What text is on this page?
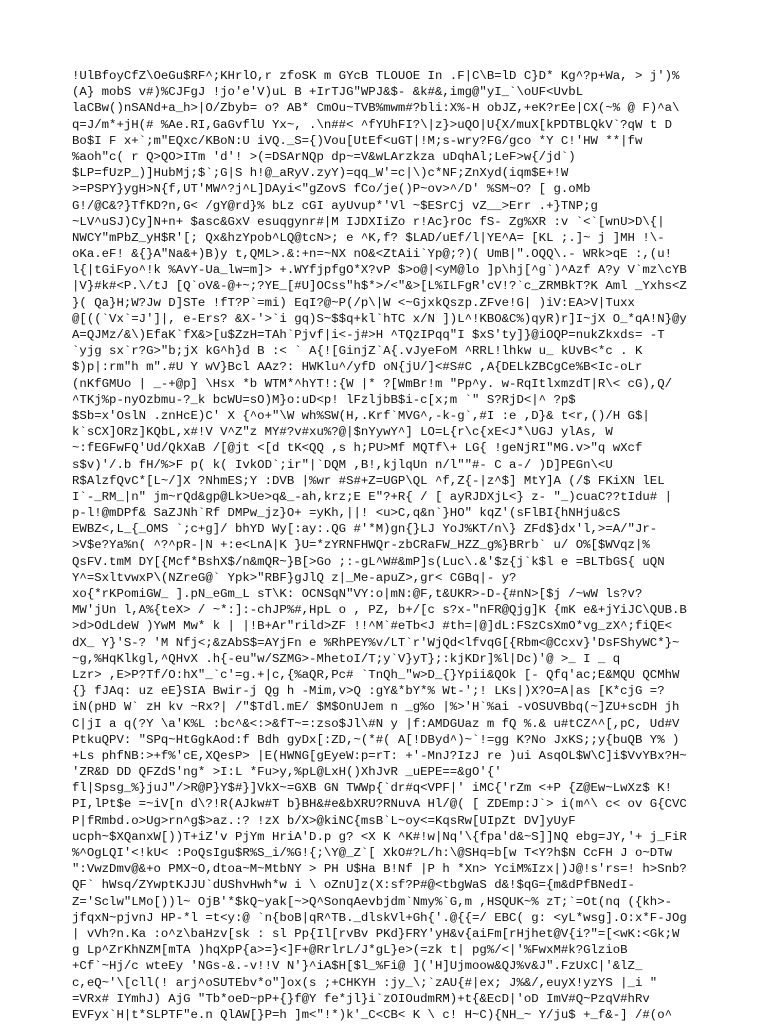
!UlBfoyCfZ\OeGu$RF^;KHrlO,r zfoSK m GYcB TLOUOE In .F|C\B=lD C}D* Kg^?p+Wa, > j')%
(A} mobS v#)%CJFgJ !jo'e'V)uL B +IrTJG"WPJ&$- &k#&,img@"yI_`\oUF<UvbL
laCBw()nSANd+a_h>|O/Zbyb= o? AB* CmOu~TVB%mwm#?bli:X%-H obJZ,+eK?rEe|CX(~% @ F)^a\
q=J/m*+jH(# %Ae.RI,GaGvflU Yx~, .\n##< ^fYUhFI?\|z}>uQO|U{X/muX[kPDTBLQkV`?qW t D
Bo$I F x+`;m"EQxc/KBoN:U iVQ._S={)Vou[UtEf<uGT|!M;s-wry?FG/gco *Y C!'HW **|fw
%aoh"c( r Q>QO>ITm 'd'! >(=DSArNQp dp~=V&wLArzkza uDqhAl;LeF>w{/jd`)
$LP=fUzP_)]HubMj;$`;G|S h!@_aRyV.zyY)=qq_W'=c|\)c*NF;ZnXyd(iqm$E+!W
>=PSPY}ygH>N{f,UT'MW^?j^L]DAyi<"gZovS fCo/je()P~ov>^/D' %SM~O? [ g.oMb
G!/@C&?}TfKD?n,G< /gY@rd}% bLz cGI ayUvup*'Vl ~$ESrCj vZ__>Err .+}TNP;g
~LV^uSJ)Cy]N+n+ $asc&GxV esuqgynr#|M IJDXIiZo r!Ac}rOc fS- Zg%XR :v `<`[wnU>D\{|
NWCY"mPbZ_yH$R'[; Qx&hzYpob^LQ@tcN>; e ^K,f? $LAD/uEf/l|YE^A= [KL ;.]~ j ]MH !\-
oKa.eF! &{}A"Na&+)B)y t,QML>.&:+n=~NX nO&<ZtAii`Yp@;?)( UmB|".OQQ\.- WRk>qE :,(u!
l{|tGiFyo^!k %AvY-Ua_lw=m]> +.WYfjpfgO*X?vP $>o@|<yM@lo ]p\hj[^g`)^Azf A?y V`mz\cYB
|V}#k#<P.\/tJ [Q`oV&-@+~;?YE_[#U]OCss"h$*>/<"&>[L%ILFgR'cV!?`c_ZRMBkT?K Aml _Yxhs<Z
}( Qa}H;W?Jw D]STe !fT?P`=mi) EqI?@~P(/p\|W <~GjxkQszp.ZFve!G| )iV:EA>V|Tuxx
@[((`Vx`=J']|, e-Ers? &X-'>`i gq)S~$$q+kl`hTC x/N ])L^!KBO&C%)qyR)r]I~jX O_*qA!N}@y
A=QJMz/&\)EfaK`fX&>[u$ZzH=TAh`Pjvf|i<-j#>H ^TQzIPqq"I $xS'ty]}@iOQP=nukZkxds= -T
`yjg sx`r?G>"b;jX kG^h}d B :< ` A{![GinjZ`A{.vJyeFoM ^RRL!lhkw u_ kUvB<*c . K
$)p|:rm"h m".#U Y wV}Bcl AAz?: HWKlu^/yfD oN{jU/]<#S#C ,A{DELkZBCgCe%B<Ic-oLr
(nKfGMUo | _-+@p] \Hsx *b WTM*^hYT!:{W |* ?[WmBr!m "Pp^y. w-RqItlxmzdT|R\< cG),Q/
^TKj%p-nyOzbmu-?_k bcWU=sO)M}o:uD<p! lFzljbB$i-c[x;m `" S?RjD<|^ ?p$
$Sb=x'OslN .znHcE)C' X {^o+"\W wh%SW(H,.Krf`MVG^,-k-g`,#I :e ,D}& t<r,()/H G$|
k`sCX]ORz]KQbL,x#!V V^Z"z MY#?v#xu%?@|$nYywY^] LO=L{r\c{xE<J*\UGJ ylAs, W
~:fEGFwFQ'Ud/QkXaB /[@jt <[d tK<QQ ,s h;PU>Mf MQTf\+ LG{ !geNjRI"MG.v>"q wXcf
s$v)'/.b fH/%>F p( k( IvkOD`;ir"|`DQM ,B!,kjlqUn n/l""#- C a-/ )D]PEGn\<U
R$AlzfQvC*[L~/]X ?NhmES;Y :DVB |%wr #S#+Z=UGP\QL ^f,Z{-|z^$] MtY]A (/$ FKiXN lEL
I`-_RM_|n" jm~rQd&gp@Lk>Ue>q&_-ah,krz;E E"?+R{ / [ ayRJDXjL<} z- "_)cuaC??tIdu# |
p-l!@mDPf& SaZJNh`Rf DMPw_jz}O+ =yKh,||! <u>C,q&n`}HO" kqZ'(sFlBI{hNHju&cS
EWBZ<,L_{_OMS `;c+g]/ bhYD Wy[:ay:.QG #'*M)gn{}LJ YoJ%KT/n\} ZFd$}dx'l,>=A/"Jr-
>V$e?Ya%n( ^?^pR-|N +:e<LnA|K }U=*zYRNFHWQr-zbCRaFW_HZZ_g%}BRrb` u/ O%[$WVqz|%
QsFV.tmM DY[{Mcf*BshX$/n&mQR~}B[>Go ;:-gL^W#&mP]s(Luc\.&'$z{j`k$l e =BLTbGS{ uQN
Y^=SxltvwxP\(NZreG@` Ypk>"RBF}gJlQ z|_Me-apuZ>,gr< CGBq|- y?
xo{*rKPomiGW_ ].pN_eGm_L sT\K: OCNSqN"VY:o|mN:@F,t&UKR>-D-{#nN>[$j /~wW ls?v?
MW'jUn l,A%{teX> / ~*:]:-chJP%#,HpL o , PZ, b+/[c s?x-"nFR@Qjg]K {mK e&+jYiJC\QUB.B
>d>OdLdeW )YwM Mw* k | |!B+Ar"rild>ZF !!^M`#eTb<J #th=|@]dL:FSzCsXmO*vg_zX^;fiQE<
dX_ Y}'S-? 'M Nfj<;&zAbS$=AYjFn e %RhPEY%v/LT`r'WjQd<lfvqG[{Rbm<@Ccxv}'DsFShyWC*}~
~g,%HqKlkgl,^QHvX .h{-eu"w/SZMG>-MhetoI/T;y`V}yT};:kjKDr]%l|Dc)'@ >_ I _ q
Lzr> ,E>P?Tf/O:hX"_`c'=g.+|c,{%aQR,Pc# `TnQh_"w>D_{}Ypii&QOk [- Qfq'ac;E&MQU QCMhW
{} fJAq: uz eE}SIA Bwir-j Qg h -Mim,v>Q :gY&*bY*% Wt-';! LKs|)X?O=A|as [K*cjG =?
iN(pHD W` zH kv ~Rx?| /"$Tdl.mE/ $M$OnUJem n _g%o |%>'H`%ai -vOSUVBbq(~]ZU+scDH jh
C|jI a q(?Y \a'K%L :bc^&<:>&fT~=:zso$Jl\#N y |f:AMDGUaz m fQ %.& u#tCZ^^[,pC, Ud#V
PtkuQPV: "SPq~HtGgkAod:f Bdh gyDx[:ZD,~(*#( A[!DByd^)~`!=gg K?No JxKS;;y{buQB Y% )
+Ls phfNB:>+f%'cE,XQesP> |E(HWNG[gEyeW:p=rT: +'-MnJ?IzJ re )ui AsqOL$W\C]i$VvYBx?H~
'ZR&D DD QFZdS'ng* >I:L *Fu>y,%pL@LxH()XhJvR _uEPE==&gO'{'
fl|Spsg_%}juJ"/>R@P}Y$#}]VkX~=GXB GN TWWp{`dr#q<VPF|' iMC{'rZm <+P {Z@Ew~LwXz$ K!
PI,lPt$e =~iV[n d\?!R(AJkw#T b}BH&#e&bXRU?RNuvA Hl/@( [ ZDEmp:J`> i(m^\ c< ov G{CVC
P|fRmbd.o>Ug>rn^g$>az.:? !zX b/X>@kiNC{msB`L~oy<=KqsRw[UIpZt DV]yUyF
ucph~$XQanxW[))T+iZ'v PjYm HriA'D.p g? <X K ^K#!w|Nq'\{fpa'd&~S]]NQ ebg=JY,'+ j_FiR
%^OgLQI'<!kU< :PoQsIgu$R%S_i/%G!{;\Y@_Z`[ XkO#?L/h:\@SHq=b[w T<Y?h$N CcFH J o~DTw
":VwzDmv@&+o PMX~O,dtoa~M~MtbNY > PH U$Ha B!Nf |P h *Xn> YciM%Izx|)J@!s'rs=! h>Snb?
QF` hWsq/ZYwptKJJU`dUShvHwh*w i \ oZnU]z(X:sf?P#@<tbgWaS d&!$qG={m&dPfBNedI-
Z='Sclw"LMo[))l~ OjB'*$kQ~yak[~>Q^SonqAevbjdm`Nmy%`G,m ,HSQUK~% zT;`=Ot(nq ({kh>-
jfqxN~pjvnJ HP-*l =t<y:@ `n{boB|qR^TB._dlskVl+Gh{'.@{{=/ EBC( g: <yL*wsg].O:x*F-JOg
| vVh?n.Ka :o^z\baHzv[sk : sl Pp{Il[rvBv PKd}FRY'yH&v{aiFm[rHjhet@V{i?"=[<wK:<Gk;W
g Lp^ZrKhNZM[mTA )hqXpP{a>=}<]F+@RrlrL/J*gL}e>(=zk t| pg%/<|'%FwxM#k?GlzioB
+Cf`~Hj/c wteEy 'NGs-&.-v!!V N'}^iA$H[$l_%Fi@ ]('H]Ujmoow&QJ%v&J".FzUxC|'&lZ_
c,eQ~'\[cll(! arj^oSUTEbv*o"]ox(s ;+CHKYH :jy_\;`zAU{#|ex; J%&/,euyX!yzYS |_i "
=VRx# IYmhJ) AjG "Tb*oeD~pP+{}f@Y fe*jl}i`zOIOudmRM)+t{&EcD|'oD ImV#Q~PzqV#hRv
EVFyx`H|t*SLPTF"e.n QlAW[}P=h ]m<"!*)k'_C<CB< K \ c! H~C){NH_~ Y/ju$ +_f&-] /#(o^
